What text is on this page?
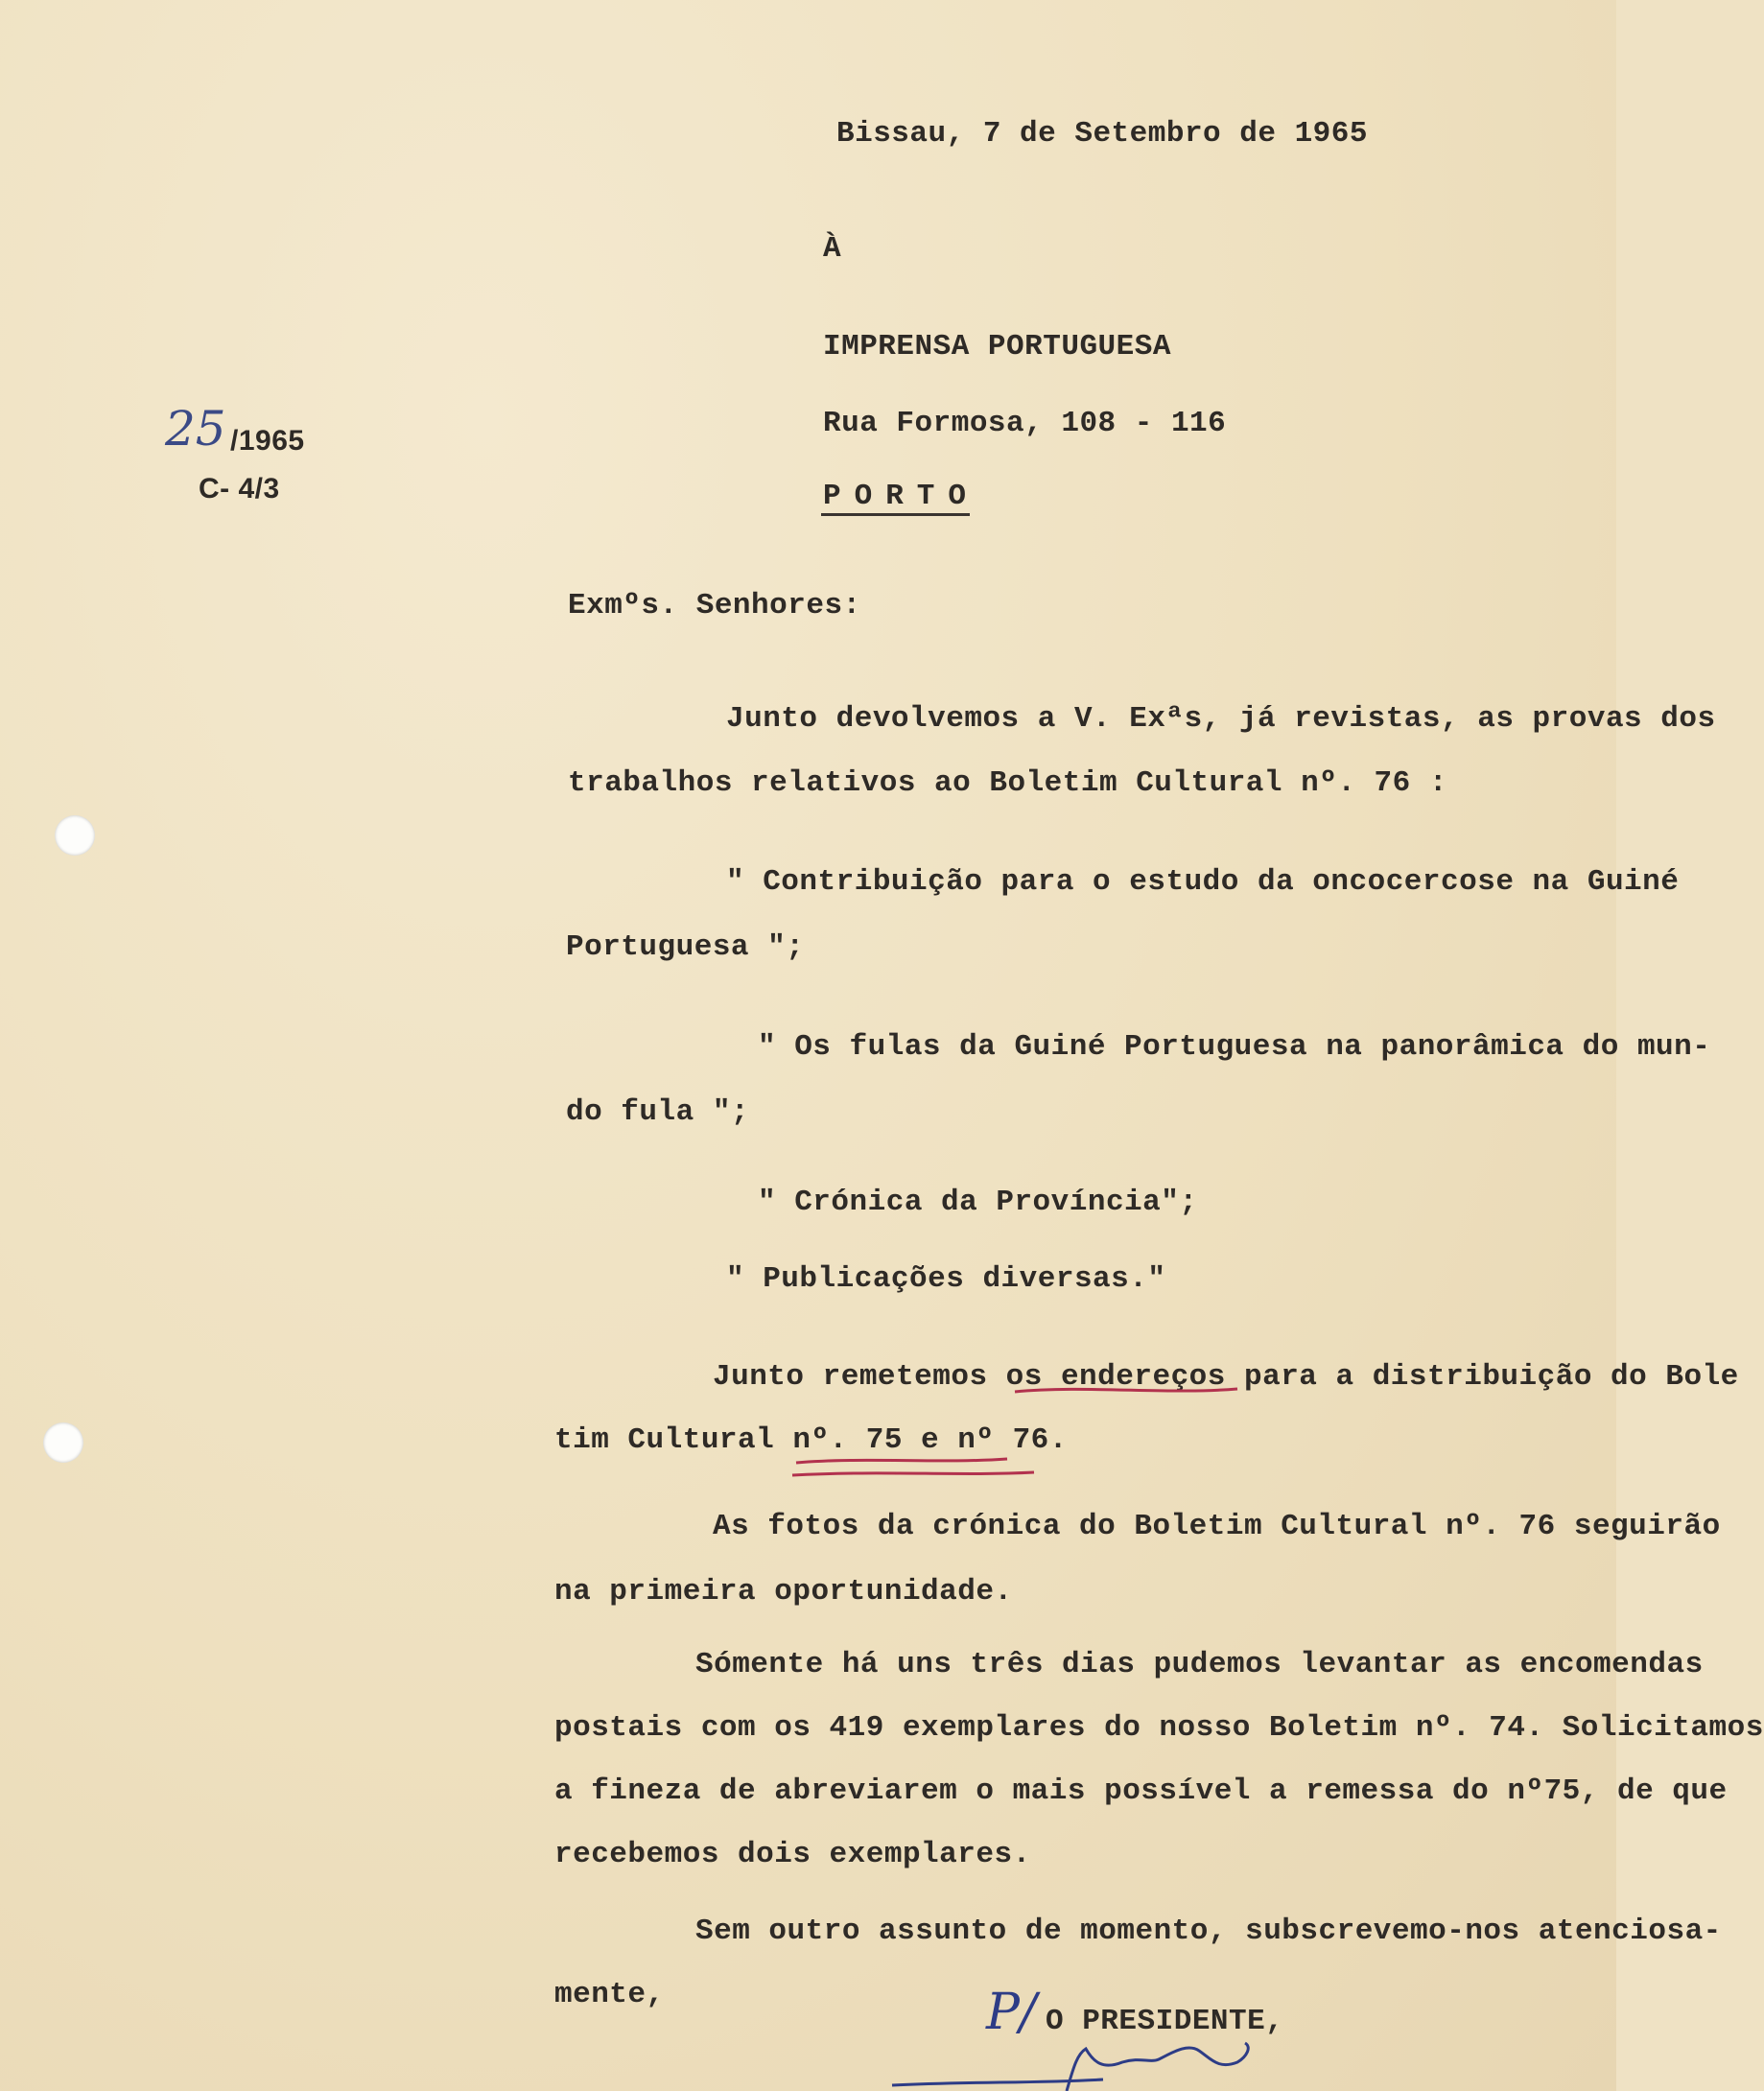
Bissau, 7 de Setembro de 1965
À
IMPRENSA PORTUGUESA
Rua Formosa, 108 - 116
PORTO
25 /1965
C- 4/3
Exmºs. Senhores:
Junto devolvemos a V. Exªs, já revistas, as provas dos
trabalhos relativos ao Boletim Cultural nº. 76 :
" Contribuição para o estudo da oncocercose na Guiné
Portuguesa ";
" Os fulas da Guiné Portuguesa na panorâmica do mun-
do fula ";
" Crónica da Província";
" Publicações diversas."
Junto remetemos os endereços para a distribuição do Bole
tim Cultural nº. 75 e nº 76.
As fotos da crónica do Boletim Cultural nº. 76 seguirão
na primeira oportunidade.
Sómente há uns três dias pudemos levantar as encomendas
postais com os 419 exemplares do nosso Boletim nº. 74. Solicitamos
a fineza de abreviarem o mais possível a remessa do nº75, de que
recebemos dois exemplares.
Sem outro assunto de momento, subscrevemo-nos atenciosa-
mente,	P/ O PRESIDENTE,
